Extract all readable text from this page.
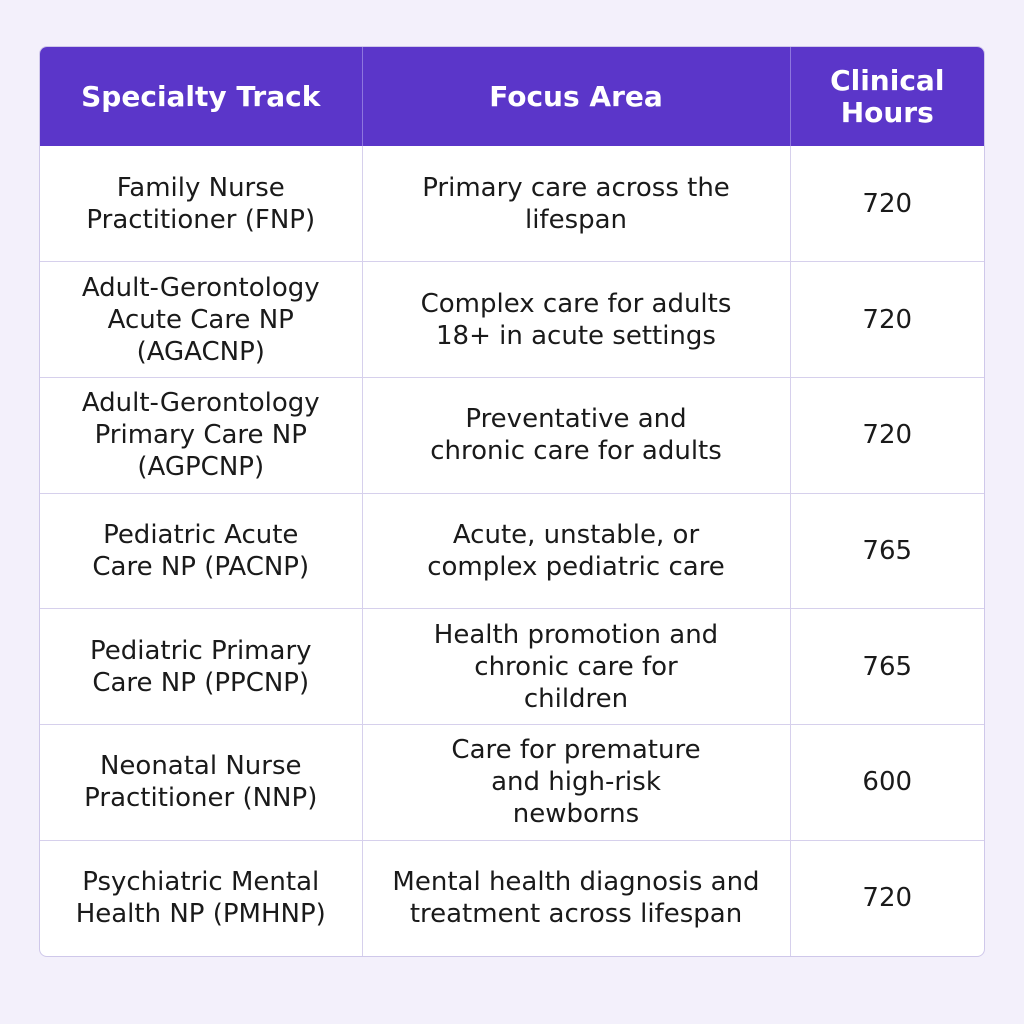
Specialty Track	Focus Area	Clinical Hours
Family Nurse Practitioner (FNP)	Primary care across the lifespan	720
Adult-Gerontology Acute Care NP (AGACNP)	Complex care for adults 18+ in acute settings	720
Adult-Gerontology Primary Care NP (AGPCNP)	Preventative and chronic care for adults	720
Pediatric Acute Care NP (PACNP)	Acute, unstable, or complex pediatric care	765
Pediatric Primary Care NP (PPCNP)	Health promotion and chronic care for children	765
Neonatal Nurse Practitioner (NNP)	Care for premature and high-risk newborns	600
Psychiatric Mental Health NP (PMHNP)	Mental health diagnosis and treatment across lifespan	720
